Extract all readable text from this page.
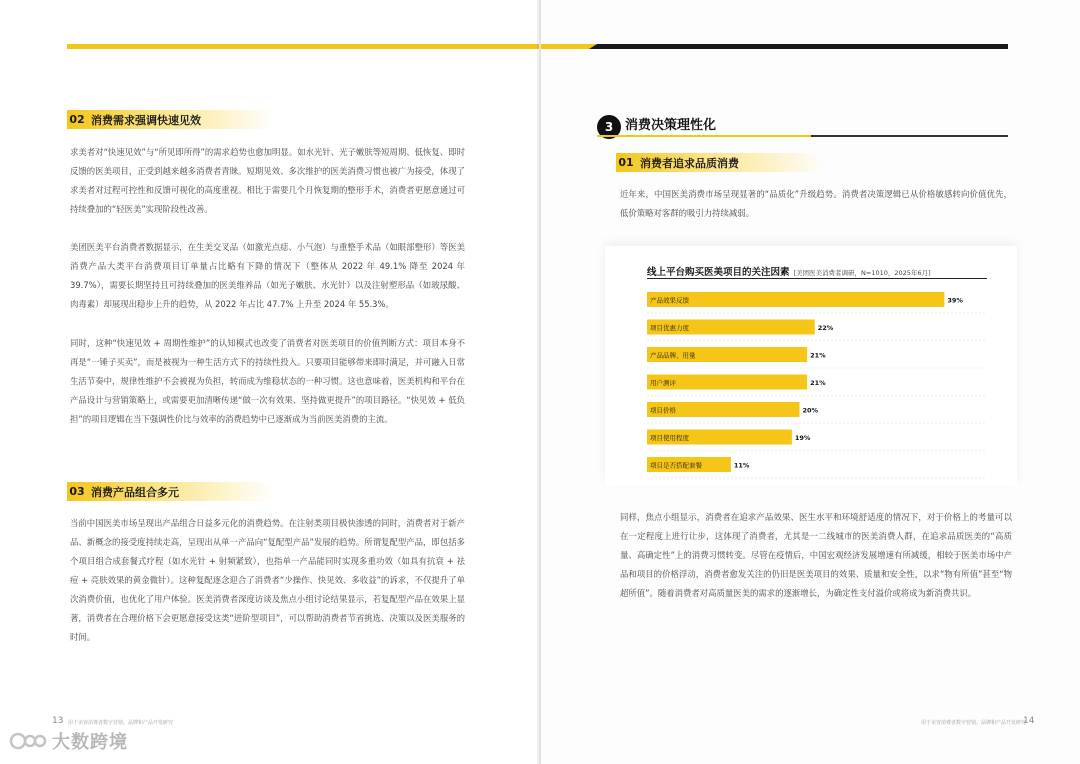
02 消费需求强调快速见效

求美者对“快速见效”与“所见即所得”的需求趋势也愈加明显。如水光针、光子嫩肤等短周期、低恢复、即时反馈的医美项目，正受到越来越多消费者青睐。短期见效、多次维护的医美消费习惯也被广为接受，体现了求美者对过程可控性和反馈可视化的高度重视。相比于需要几个月恢复期的整形手术，消费者更愿意通过可持续叠加的“轻医美”实现阶段性改善。

美团医美平台消费者数据显示，在生美交叉品（如激光点痣、小气泡）与重整手术品（如眼部整形）等医美消费产品大类平台消费项目订单量占比略有下降的情况下（整体从 2022 年 49.1% 降至 2024 年 39.7%），需要长期坚持且可持续叠加的医美维养品（如光子嫩肤、水光针）以及注射塑形品（如玻尿酸、肉毒素）却展现出稳步上升的趋势，从 2022 年占比 47.7% 上升至 2024 年 55.3%。

同时，这种“快速见效 + 周期性维护”的认知模式也改变了消费者对医美项目的价值判断方式：项目本身不再是“一锤子买卖”，而是被视为一种生活方式下的持续性投入。只要项目能够带来即时满足，并可融入日常生活节奏中，规律性维护不会被视为负担，转而成为维稳状态的一种习惯。这也意味着，医美机构和平台在产品设计与营销策略上，或需要更加清晰传递“做一次有效果、坚持做更提升”的项目路径。“快见效 + 低负担”的项目逻辑在当下强调性价比与效率的消费趋势中已逐渐成为当前医美消费的主流。

03 消费产品组合多元

当前中国医美市场呈现出产品组合日益多元化的消费趋势。在注射类项目极快渗透的同时，消费者对于新产品、新概念的接受度持续走高，呈现出从单一产品向“复配型产品”发展的趋势。所谓复配型产品，即包括多个项目组合成套餐式疗程（如水光针 + 射频紧致），也指单一产品能同时实现多重功效（如具有抗衰 + 祛痘 + 亮肤效果的黄金微针）。这种复配逐念迎合了消费者“少操作、快见效、多收益”的诉求，不仅提升了单次消费价值，也优化了用户体验。医美消费者深度访谈及焦点小组讨论结果显示，若复配型产品在效果上显著，消费者在合理价格下会更愿意接受这类“进阶型项目”，可以帮助消费者节省挑选、决策以及医美服务的时间。

13 用于美容消费者数字营销、品牌和产品开发研究
大数跨境
3 消费决策理性化
01 消费者追求品质消费

近年来，中国医美消费市场呈现显著的“品质化”升级趋势。消费者决策逻辑已从价格敏感转向价值优先，低价策略对客群的吸引力持续减弱。

线上平台购买医美项目的关注因素 [美团医美消费者调研，N=1010，2025年6月]
产品效果反馈	39%
项目优惠力度	22%
产品品牌、用量	21%
用户测评	21%
项目价格	20%
项目使用程度	19%
项目是否搭配套餐	11%

同样，焦点小组显示，消费者在追求产品效果、医生水平和环境舒适度的情况下，对于价格上的考量可以在一定程度上进行让步，这体现了消费者，尤其是一二线城市的医美消费人群，在追求品质医美的“高质量、高确定性”上的消费习惯转变。尽管在疫情后，中国宏观经济发展增速有所减缓，相较于医美市场中产品和项目的价格浮动，消费者愈发关注的仍旧是医美项目的效果、质量和安全性，以求“物有所值”甚至“物超所值”。随着消费者对高质量医美的需求的逐渐增长，为确定性支付溢价或将成为新消费共识。

用于美容消费者数字营销、品牌和产品开发研究
14
